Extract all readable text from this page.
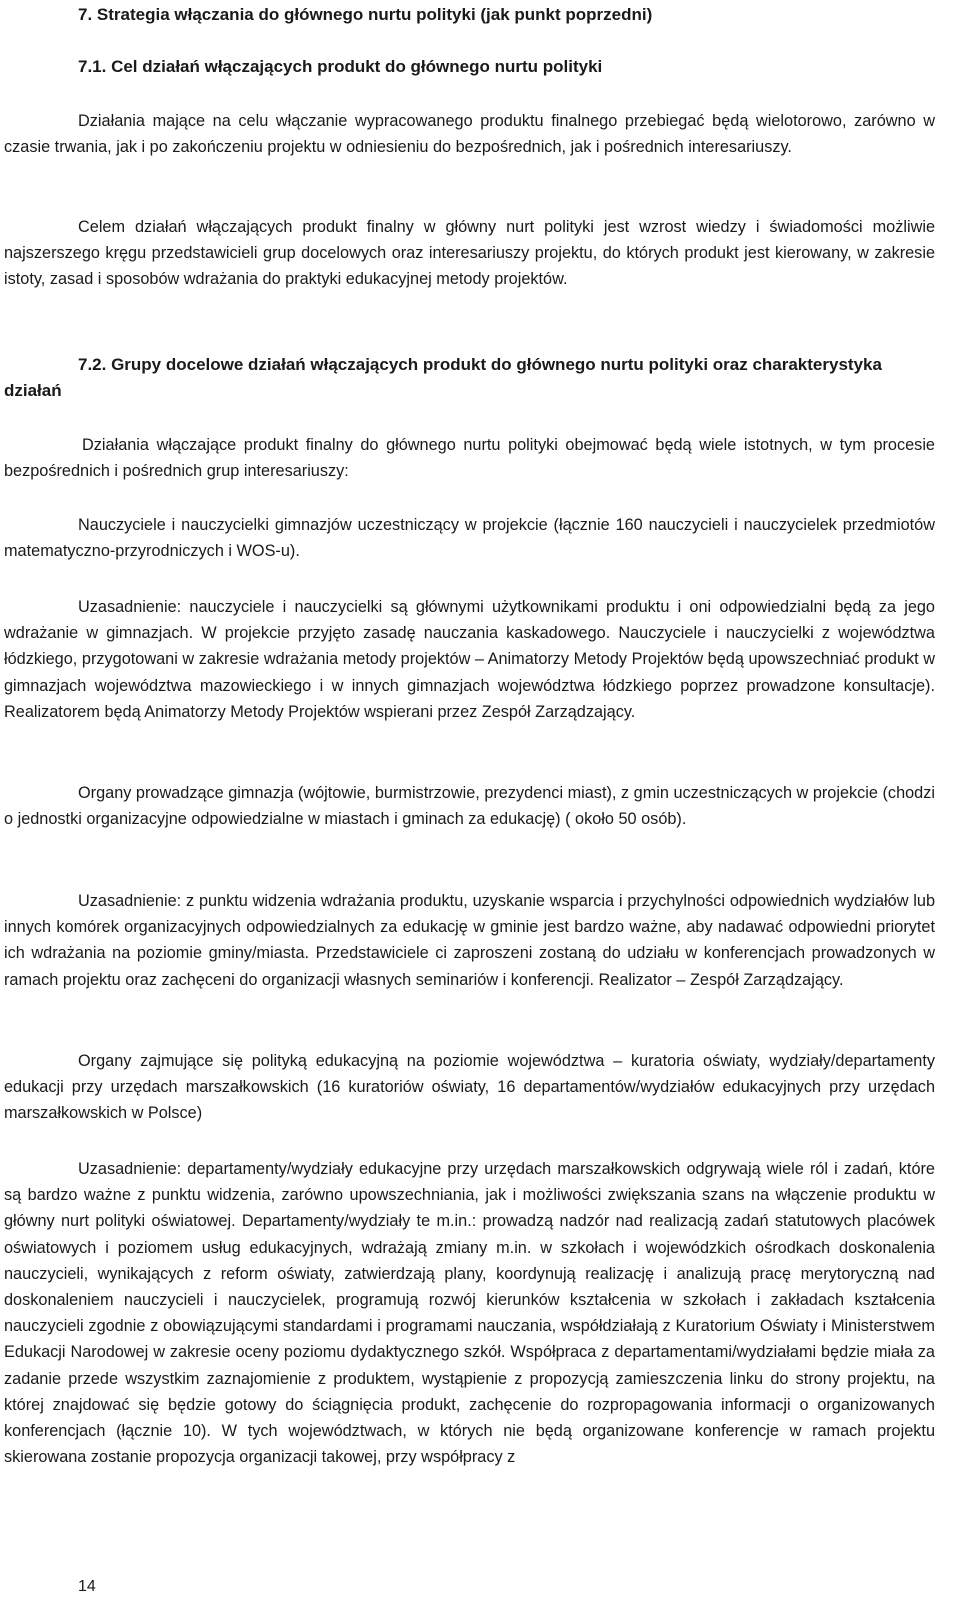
7. Strategia włączania do głównego nurtu polityki (jak punkt poprzedni)
7.1. Cel działań włączających produkt do głównego nurtu polityki

Działania mające na celu włączanie wypracowanego produktu finalnego przebiegać będą wielotorowo, zarówno w czasie trwania, jak i po zakończeniu projektu w odniesieniu do bezpośrednich, jak i pośrednich interesariuszy.

Celem działań włączających produkt finalny w główny nurt polityki jest wzrost wiedzy i świadomości możliwie najszerszego kręgu przedstawicieli grup docelowych oraz interesariuszy projektu, do których produkt jest kierowany, w zakresie istoty, zasad i sposobów wdrażania do praktyki edukacyjnej metody projektów.

7.2. Grupy docelowe działań włączających produkt do głównego nurtu polityki oraz charakterystyka działań

Działania włączające produkt finalny do głównego nurtu polityki obejmować będą wiele istotnych, w tym procesie bezpośrednich i pośrednich grup interesariuszy:

Nauczyciele i nauczycielki gimnazjów uczestniczący w projekcie (łącznie 160 nauczycieli i nauczycielek przedmiotów matematyczno-przyrodniczych i WOS-u).

Uzasadnienie: nauczyciele i nauczycielki są głównymi użytkownikami produktu i oni odpowiedzialni będą za jego wdrażanie w gimnazjach. W projekcie przyjęto zasadę nauczania kaskadowego. Nauczyciele i nauczycielki z województwa łódzkiego, przygotowani w zakresie wdrażania metody projektów – Animatorzy Metody Projektów będą upowszechniać produkt w gimnazjach województwa mazowieckiego i w innych gimnazjach województwa łódzkiego poprzez prowadzone konsultacje). Realizatorem będą Animatorzy Metody Projektów wspierani przez Zespół Zarządzający.

Organy prowadzące gimnazja (wójtowie, burmistrzowie, prezydenci miast), z gmin uczestniczących w projekcie (chodzi o jednostki organizacyjne odpowiedzialne w miastach i gminach za edukację) ( około 50 osób).

Uzasadnienie: z punktu widzenia wdrażania produktu, uzyskanie wsparcia i przychylności odpowiednich wydziałów lub innych komórek organizacyjnych odpowiedzialnych za edukację w gminie jest bardzo ważne, aby nadawać odpowiedni priorytet ich wdrażania na poziomie gminy/miasta. Przedstawiciele ci zaproszeni zostaną do udziału w konferencjach prowadzonych w ramach projektu oraz zachęceni do organizacji własnych seminariów i konferencji. Realizator – Zespół Zarządzający.

Organy zajmujące się polityką edukacyjną na poziomie województwa – kuratoria oświaty, wydziały/departamenty edukacji przy urzędach marszałkowskich (16 kuratoriów oświaty, 16 departamentów/wydziałów edukacyjnych przy urzędach marszałkowskich w Polsce)

Uzasadnienie: departamenty/wydziały edukacyjne przy urzędach marszałkowskich odgrywają wiele ról i zadań, które są bardzo ważne z punktu widzenia, zarówno upowszechniania, jak i możliwości zwiększania szans na włączenie produktu w główny nurt polityki oświatowej. Departamenty/wydziały te m.in.: prowadzą nadzór nad realizacją zadań statutowych placówek oświatowych i poziomem usług edukacyjnych, wdrażają zmiany m.in. w szkołach i wojewódzkich ośrodkach doskonalenia nauczycieli, wynikających z reform oświaty, zatwierdzają plany, koordynują realizację i analizują pracę merytoryczną nad doskonaleniem nauczycieli i nauczycielek, programują rozwój kierunków kształcenia w szkołach i zakładach kształcenia nauczycieli zgodnie z obowiązującymi standardami i programami nauczania, współdziałają z Kuratorium Oświaty i Ministerstwem Edukacji Narodowej w zakresie oceny poziomu dydaktycznego szkół. Współpraca z departamentami/wydziałami będzie miała za zadanie przede wszystkim zaznajomienie z produktem, wystąpienie z propozycją zamieszczenia linku do strony projektu, na której znajdować się będzie gotowy do ściągnięcia produkt, zachęcenie do rozpropagowania informacji o organizowanych konferencjach (łącznie 10). W tych województwach, w których nie będą organizowane konferencje w ramach projektu skierowana zostanie propozycja organizacji takowej, przy współpracy z

14
